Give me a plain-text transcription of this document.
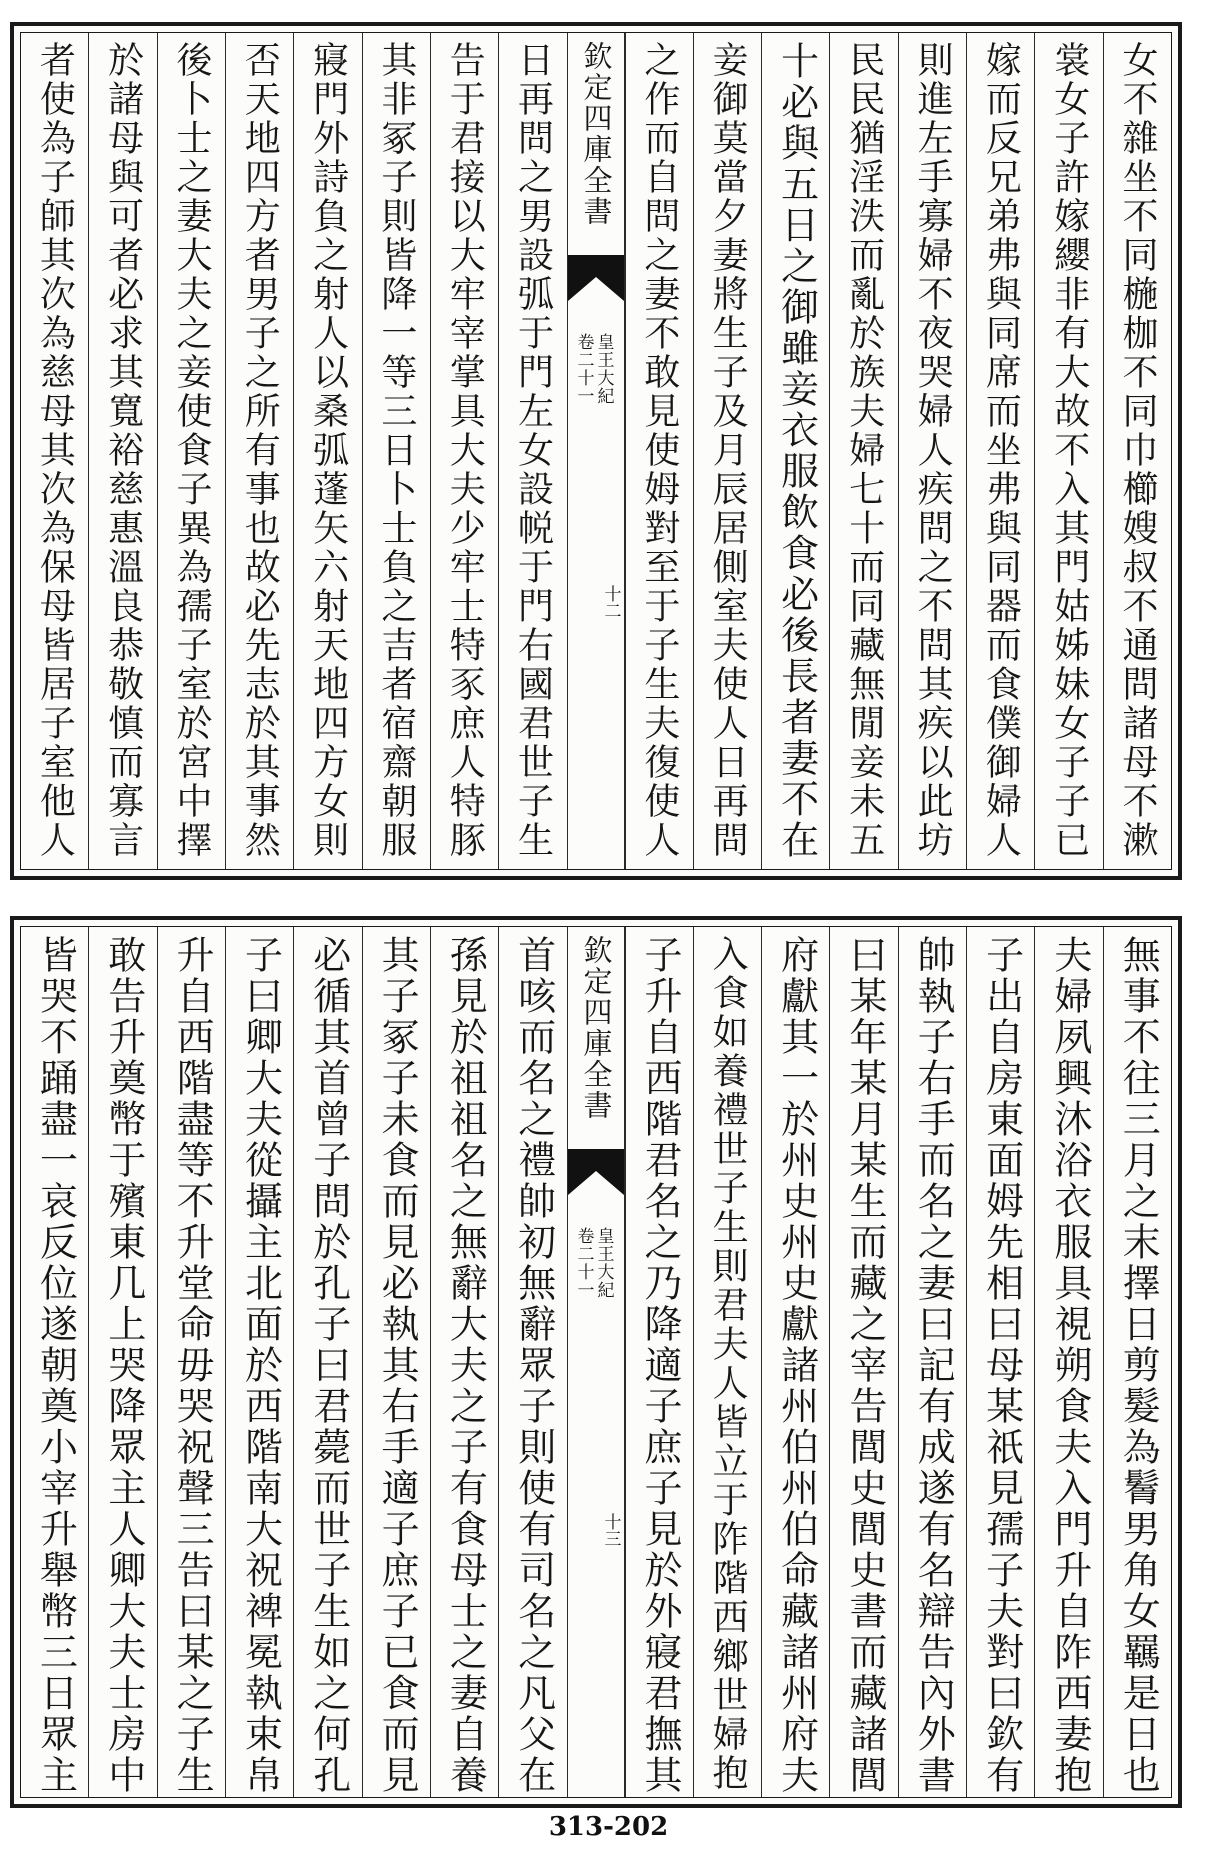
女不雜坐不同椸枷不同巾櫛嫂叔不通問諸母不漱
裳女子許嫁纓非有大故不入其門姑姊妹女子子已
嫁而反兄弟弗與同席而坐弗與同器而食僕御婦人
則進左手寡婦不夜哭婦人疾問之不問其疾以此坊
民民猶淫泆而亂於族夫婦七十而同藏無閒妾未五
十必與五日之御雖妾衣服飲食必後長者妻不在
妾御莫當夕妻將生子及月辰居側室夫使人日再問
之作而自問之妻不敢見使姆對至于子生夫復使人
欽定四庫全書
皇王大紀
卷二十一
十二
日再問之男設弧于門左女設帨于門右國君世子生
告于君接以大牢宰掌具大夫少牢士特豕庶人特豚
其非冢子則皆降一等三日卜士負之吉者宿齋朝服
寢門外詩負之射人以桑弧蓬矢六射天地四方女則
否天地四方者男子之所有事也故必先志於其事然
後卜士之妻大夫之妾使食子異為孺子室於宮中擇
於諸母與可者必求其寬裕慈惠溫良恭敬慎而寡言
者使為子師其次為慈母其次為保母皆居子室他人
無事不往三月之末擇日剪髮為鬌男角女羈是日也
夫婦夙興沐浴衣服具視朔食夫入門升自阼西妻抱
子出自房東面姆先相曰母某祇見孺子夫對曰欽有
帥執子右手而名之妻曰記有成遂有名辯告內外書
曰某年某月某生而藏之宰告閭史閭史書而藏諸閭
府獻其一於州史州史獻諸州伯州伯命藏諸州府夫
入食如養禮世子生則君夫人皆立于阼階西鄉世婦抱
子升自西階君名之乃降適子庶子見於外寢君撫其
欽定四庫全書
皇王大紀
卷二十一
十三
首咳而名之禮帥初無辭眾子則使有司名之凡父在
孫見於祖祖名之無辭大夫之子有食母士之妻自養
其子冢子未食而見必執其右手適子庶子已食而見
必循其首曾子問於孔子曰君薨而世子生如之何孔
子曰卿大夫從攝主北面於西階南大祝裨冕執束帛
升自西階盡等不升堂命毋哭祝聲三告曰某之子生
敢告升奠幣于殯東几上哭降眾主人卿大夫士房中
皆哭不踊盡一哀反位遂朝奠小宰升舉幣三日眾主
313-202
